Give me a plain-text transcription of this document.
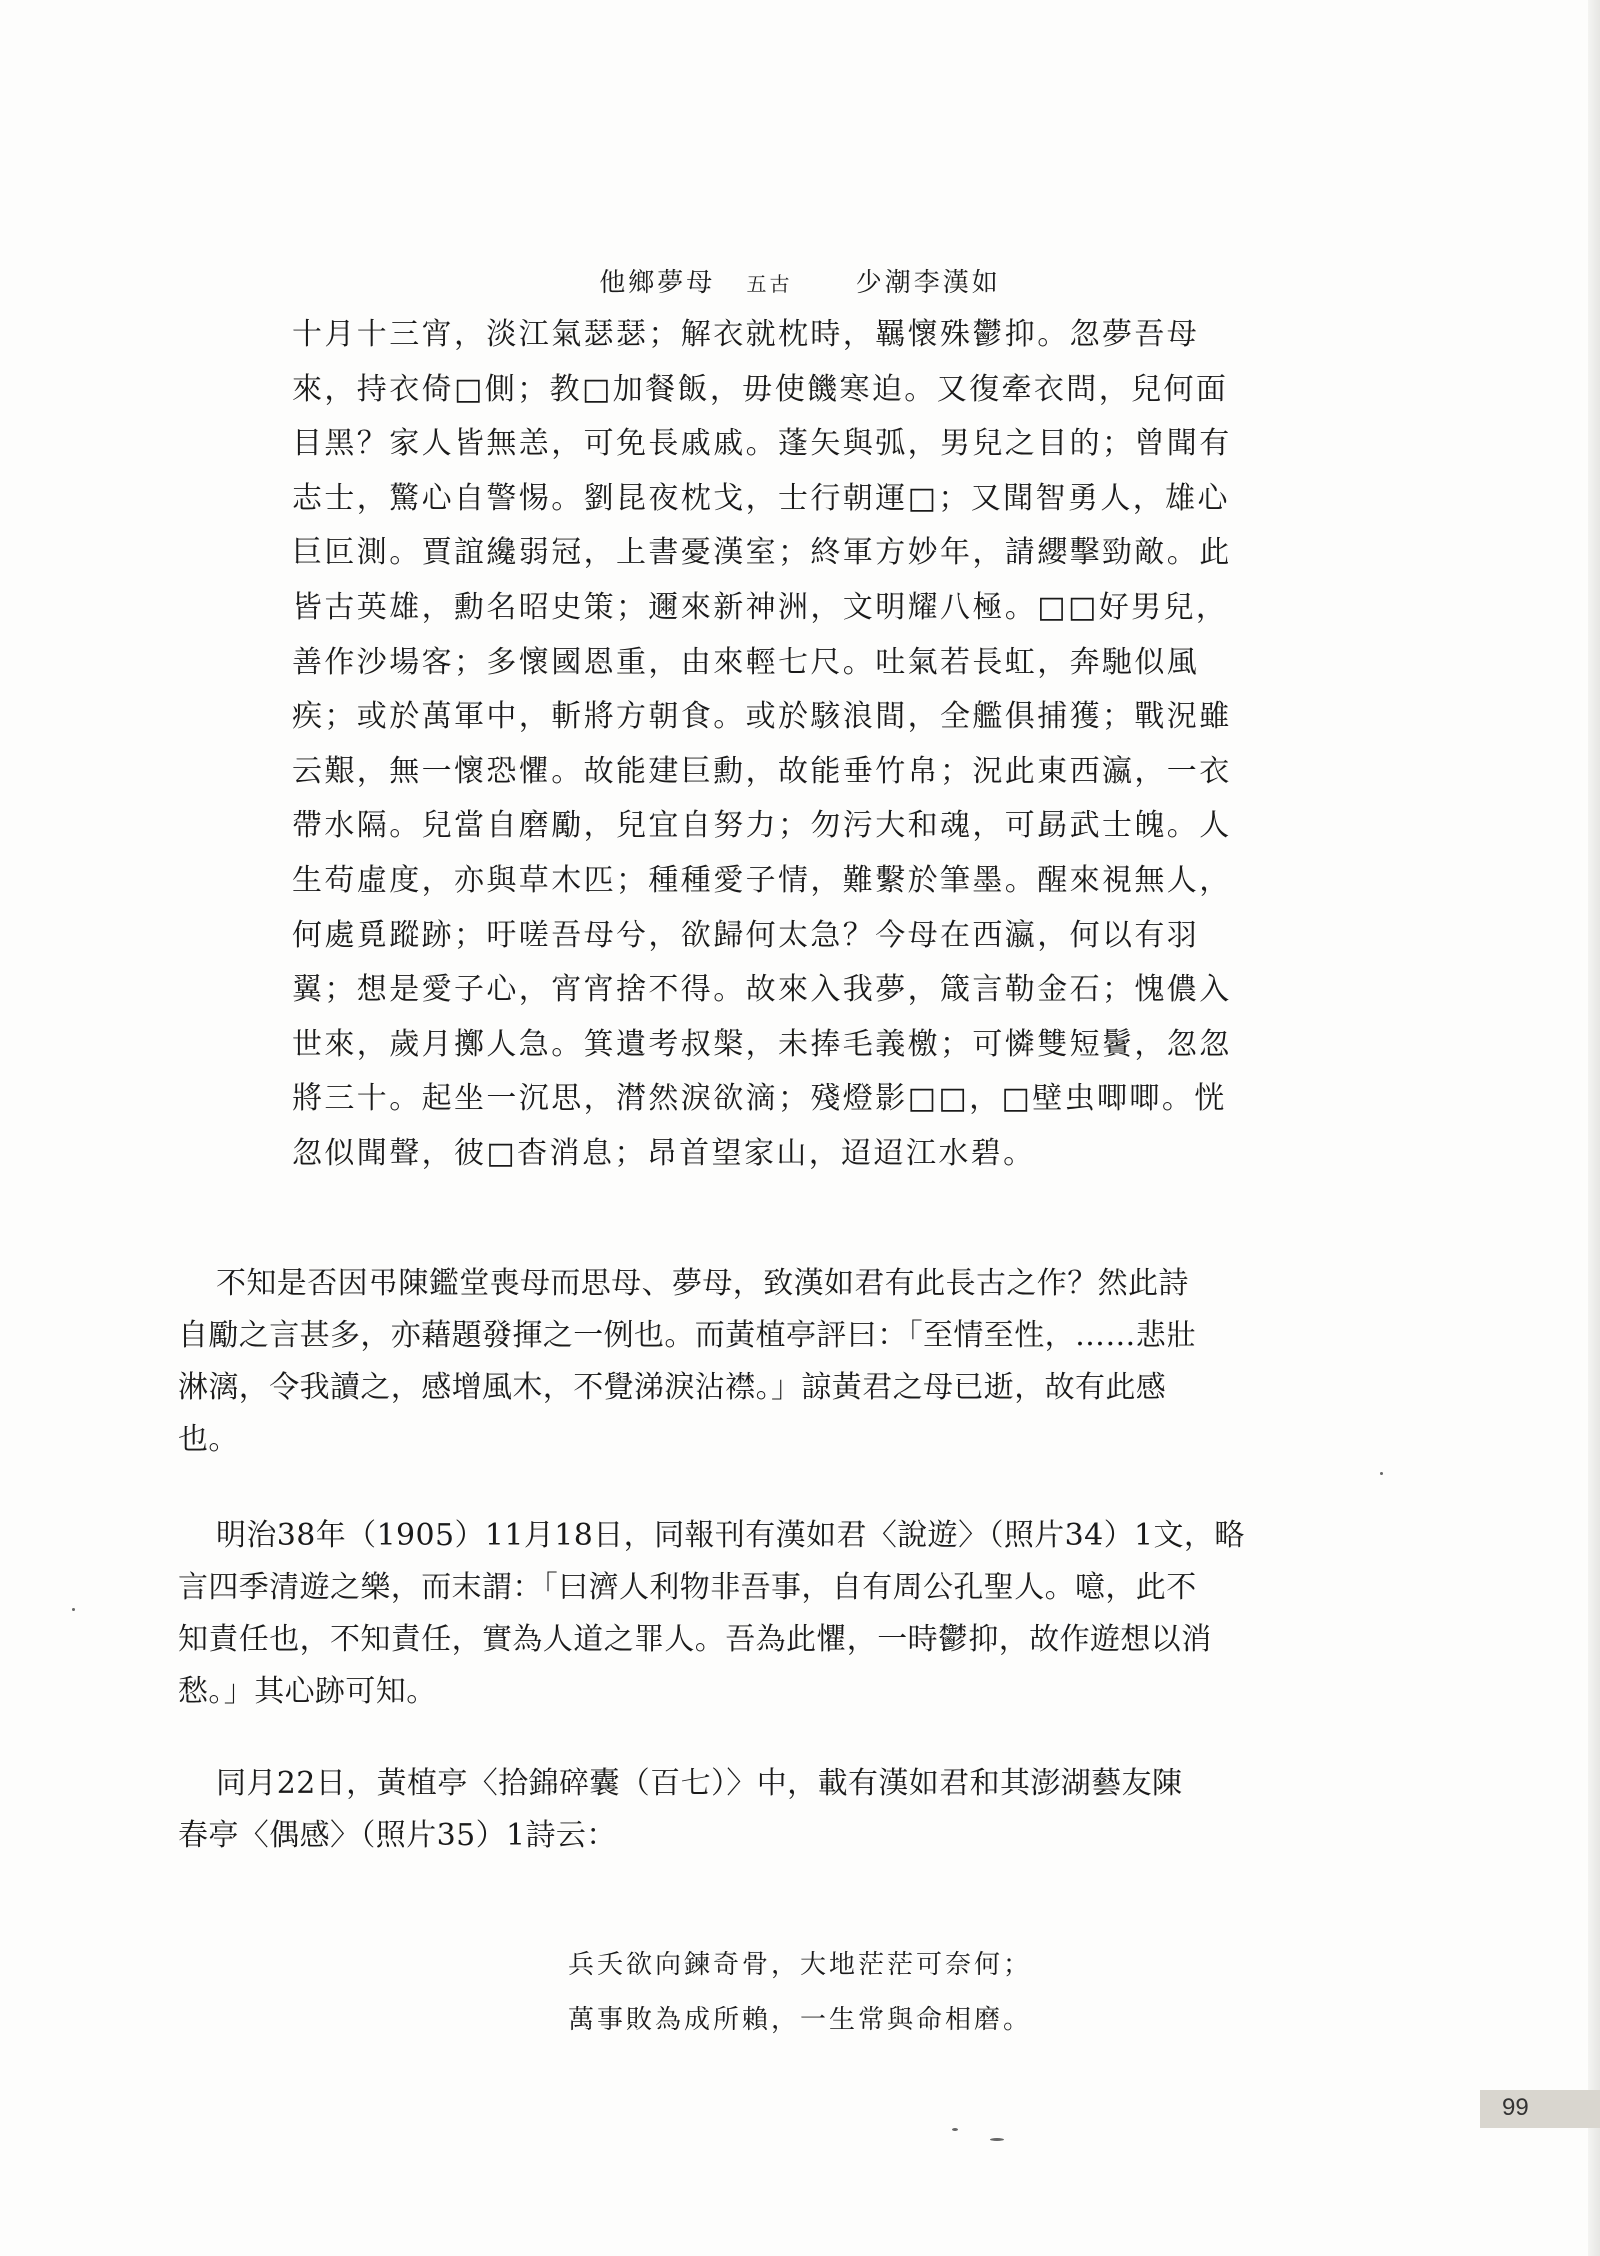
他鄉夢母 五古 少潮李漢如
十月十三宵，淡江氣瑟瑟；解衣就枕時，羈懷殊鬱抑。忽夢吾母
來，持衣倚□側；教□加餐飯，毋使饑寒迫。又復牽衣問，兒何面
目黑？家人皆無恙，可免長戚戚。蓬矢與弧，男兒之目的；曾聞有
志士，驚心自警惕。劉昆夜枕戈，士行朝運□；又聞智勇人，雄心
巨叵測。賈誼纔弱冠，上書憂漢室；終軍方妙年，請纓擊勁敵。此
皆古英雄，勳名昭史策；邇來新神洲，文明耀八極。□□好男兒，
善作沙場客；多懷國恩重，由來輕七尺。吐氣若長虹，奔馳似風
疾；或於萬軍中，斬將方朝食。或於駭浪間，全艦俱捕獲；戰況雖
云艱，無一懷恐懼。故能建巨勳，故能垂竹帛；況此東西瀛，一衣
帶水隔。兒當自磨勵，兒宜自努力；勿污大和魂，可勗武士魄。人
生苟虛度，亦與草木匹；種種愛子情，難繫於筆墨。醒來視無人，
何處覓蹤跡；吁嗟吾母兮，欲歸何太急？今母在西瀛，何以有羽
翼；想是愛子心，宵宵捨不得。故來入我夢，箴言勒金石；愧儂入
世來，歲月擲人急。箕遺考叔槃，未捧毛義檄；可憐雙短鬢，忽忽
將三十。起坐一沉思，潸然淚欲滴；殘燈影□□，□壁虫唧唧。恍
忽似聞聲，彼□杳消息；昂首望家山，迢迢江水碧。
不知是否因弔陳鑑堂喪母而思母、夢母，致漢如君有此長古之作？然此詩
自勵之言甚多，亦藉題發揮之一例也。而黃植亭評曰：「至情至性，……悲壯
淋漓，令我讀之，感增風木，不覺涕淚沾襟。」諒黃君之母已逝，故有此感
也。
明治38年（1905）11月18日，同報刊有漢如君〈說遊〉（照片34）1文，略
言四季清遊之樂，而末謂：「曰濟人利物非吾事，自有周公孔聖人。噫，此不
知責任也，不知責任，實為人道之罪人。吾為此懼，一時鬱抑，故作遊想以消
愁。」其心跡可知。
同月22日，黃植亭〈拾錦碎囊（百七）〉中，載有漢如君和其澎湖藝友陳
春亭〈偶感〉（照片35）1詩云：
兵夭欲向鍊奇骨，大地茫茫可奈何；
萬事敗為成所賴，一生常與命相磨。
99
